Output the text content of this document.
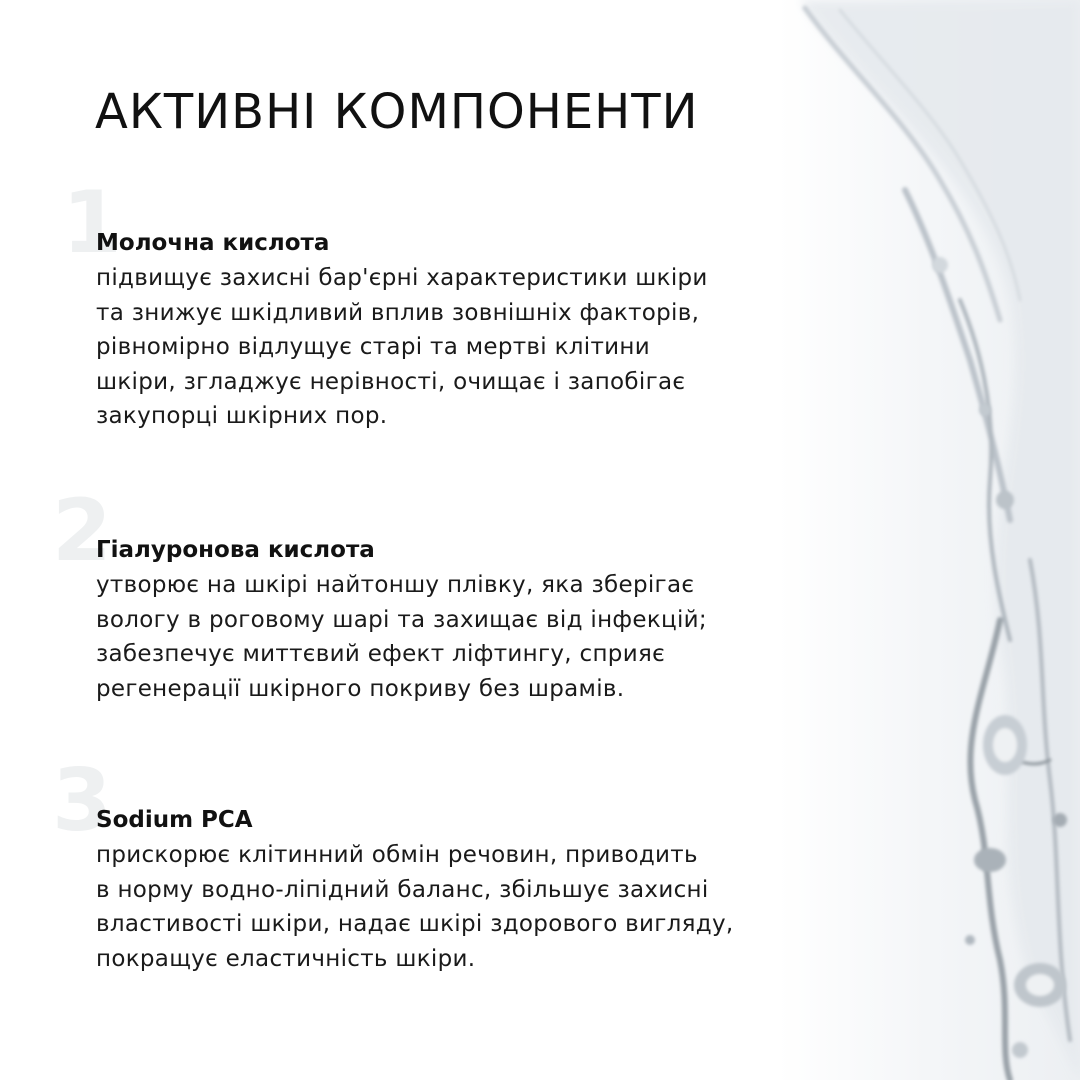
АКТИВНІ КОМПОНЕНТИ
1
2
3
Молочна кислота
підвищує захисні бар'єрні характеристики шкіри
та знижує шкідливий вплив зовнішніх факторів,
рівномірно відлущує старі та мертві клітини
шкіри, згладжує нерівності, очищає і запобігає
закупорці шкірних пор.
Гіалуронова кислота
утворює на шкірі найтоншу плівку, яка зберігає
вологу в роговому шарі та захищає від інфекцій;
забезпечує миттєвий ефект ліфтингу, сприяє
регенерації шкірного покриву без шрамів.
Sodium PCA
прискорює клітинний обмін речовин, приводить
в норму водно-ліпідний баланс, збільшує захисні
властивості шкіри, надає шкірі здорового вигляду,
покращує еластичність шкіри.
